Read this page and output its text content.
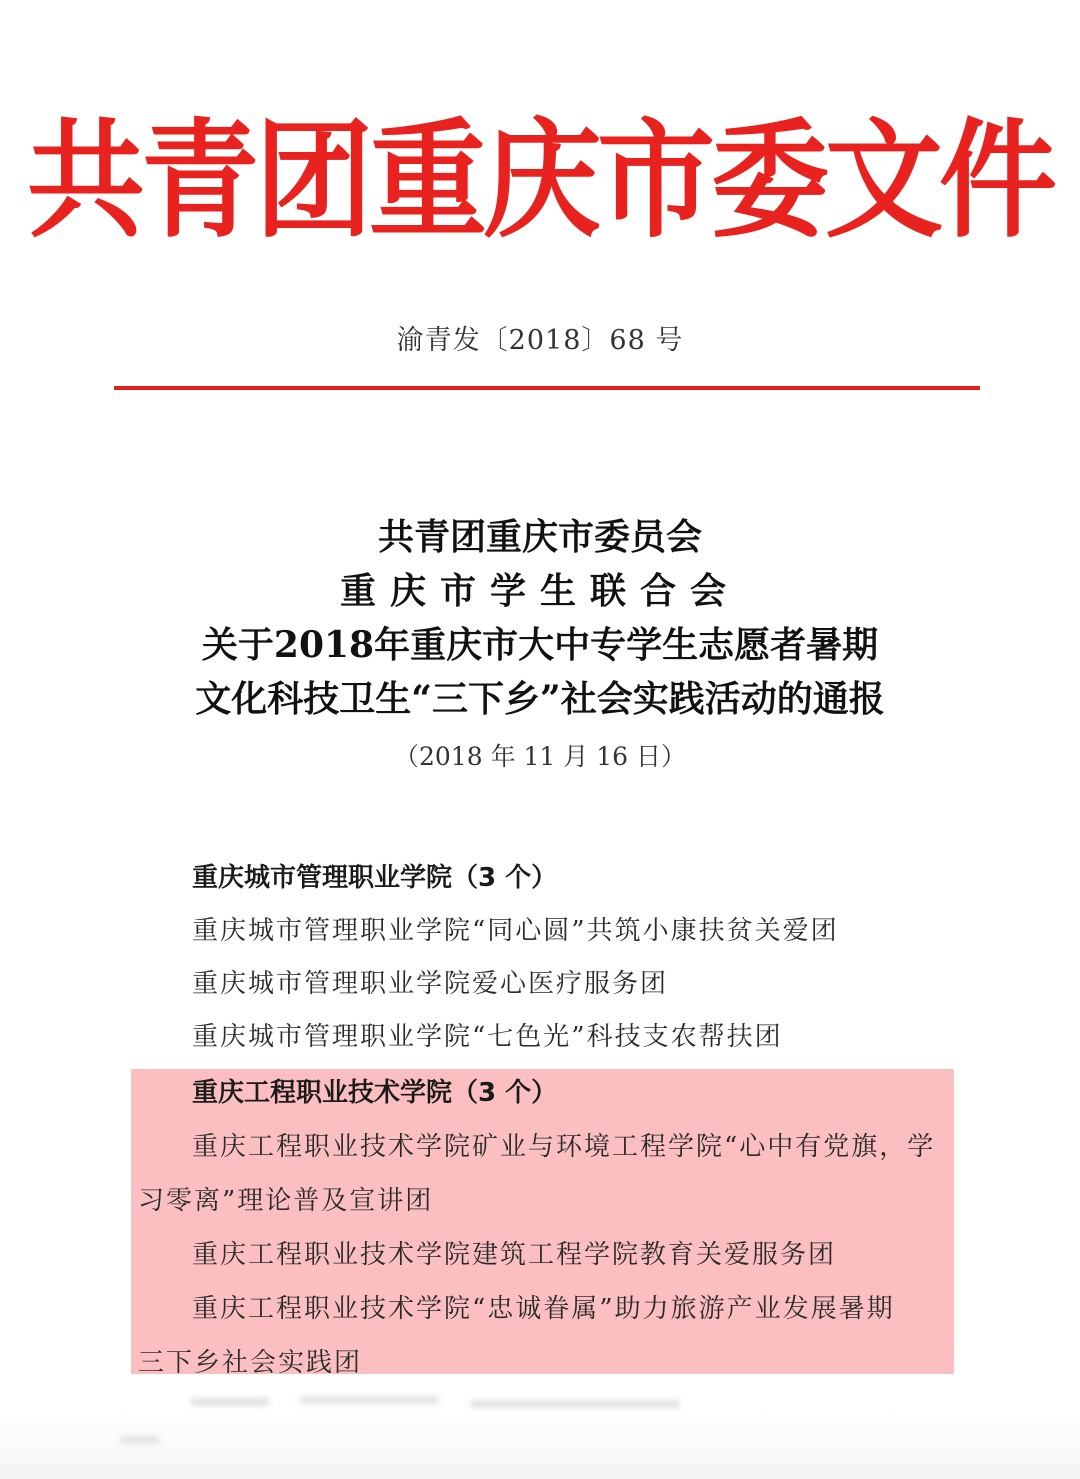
共青团重庆市委文件
渝青发〔2018〕68 号
共青团重庆市委员会
重庆市学生联合会
关于2018年重庆市大中专学生志愿者暑期
文化科技卫生“三下乡”社会实践活动的通报
（2018 年 11 月 16 日）
重庆城市管理职业学院（3 个）
重庆城市管理职业学院“同心圆”共筑小康扶贫关爱团
重庆城市管理职业学院爱心医疗服务团
重庆城市管理职业学院“七色光”科技支农帮扶团
重庆工程职业技术学院（3 个）
重庆工程职业技术学院矿业与环境工程学院“心中有党旗，学
习零离”理论普及宣讲团
重庆工程职业技术学院建筑工程学院教育关爱服务团
重庆工程职业技术学院“忠诚眷属”助力旅游产业发展暑期
三下乡社会实践团
